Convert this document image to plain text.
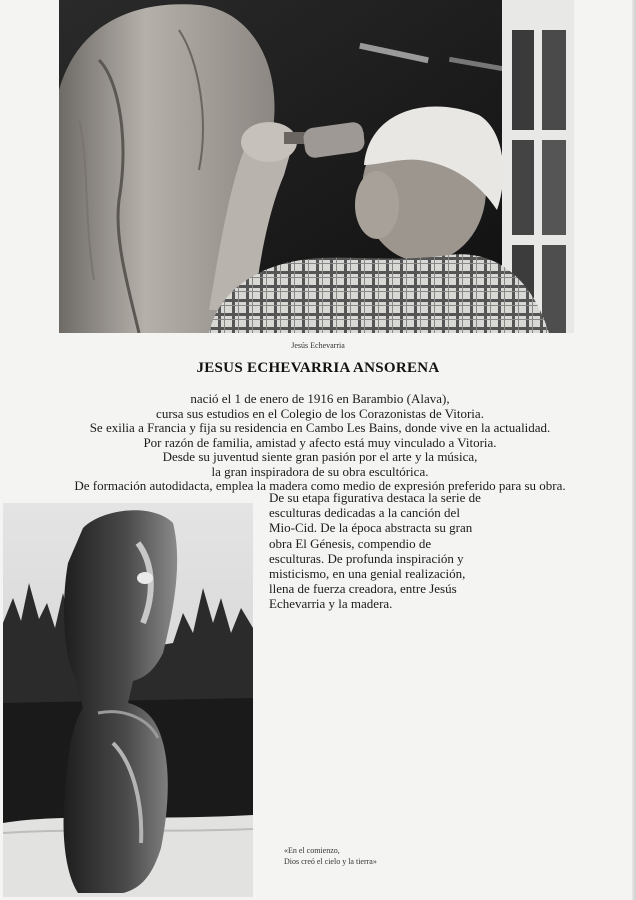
Jesús Echevarria
JESUS ECHEVARRIA ANSORENA
nació el 1 de enero de 1916 en Barambio (Alava),
cursa sus estudios en el Colegio de los Corazonistas de Vitoria.
Se exilia a Francia y fija su residencia en Cambo Les Bains, donde vive en la actualidad.
Por razón de familia, amistad y afecto está muy vinculado a Vitoria.
Desde su juventud siente gran pasión por el arte y la música,
la gran inspiradora de su obra escultórica.
De formación autodidacta, emplea la madera como medio de expresión preferido para su obra.
De su etapa figurativa destaca la serie de
esculturas dedicadas a la canción del
Mio-Cid. De la época abstracta su gran
obra El Génesis, compendio de
esculturas. De profunda inspiración y
misticismo, en una genial realización,
llena de fuerza creadora, entre Jesús
Echevarria y la madera.
«En el comienzo,
Dios creó el cielo y la tierra»
